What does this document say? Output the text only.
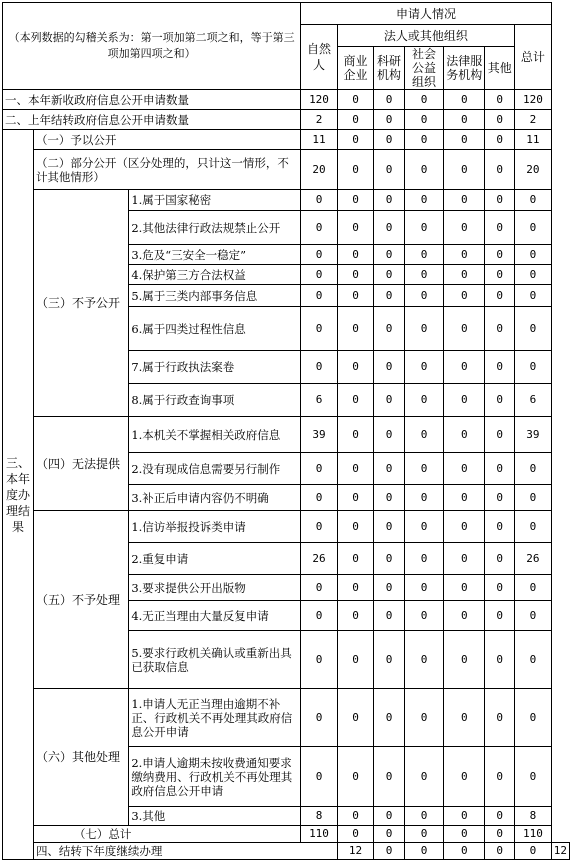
（本列数据的勾稽关系为：第一项加第二项之和，等于第三项加第四项之和）			申请人情况							
			自然人	法人或其他组织					总计	
				商业企业	科研机构	社会公益组织	法律服务机构	其他		
一、本年新收政府信息公开申请数量			120	0	0	0	0	0	120	
二、上年结转政府信息公开申请数量			2	0	0	0	0	0	2	
三、本年度办理结果	（一）予以公开		11	0	0	0	0	0	11	
	（二）部分公开（区分处理的，只计这一情形，不计其他情形）		20	0	0	0	0	0	20	
	（三）不予公开	1.属于国家秘密	0	0	0	0	0	0	0	
		2.其他法律行政法规禁止公开	0	0	0	0	0	0	0	
		3.危及“三安全一稳定”	0	0	0	0	0	0	0	
		4.保护第三方合法权益	0	0	0	0	0	0	0	
		5.属于三类内部事务信息	0	0	0	0	0	0	0	
		6.属于四类过程性信息	0	0	0	0	0	0	0	
		7.属于行政执法案卷	0	0	0	0	0	0	0	
		8.属于行政查询事项	6	0	0	0	0	0	6	
	（四）无法提供	1.本机关不掌握相关政府信息	39	0	0	0	0	0	39	
		2.没有现成信息需要另行制作	0	0	0	0	0	0	0	
		3.补正后申请内容仍不明确	0	0	0	0	0	0	0	
	（五）不予处理	1.信访举报投诉类申请	0	0	0	0	0	0	0	
		2.重复申请	26	0	0	0	0	0	26	
		3.要求提供公开出版物	0	0	0	0	0	0	0	
		4.无正当理由大量反复申请	0	0	0	0	0	0	0	
		5.要求行政机关确认或重新出具已获取信息	0	0	0	0	0	0	0	
	（六）其他处理	1.申请人无正当理由逾期不补正、行政机关不再处理其政府信息公开申请	0	0	0	0	0	0	0	
		2.申请人逾期未按收费通知要求缴纳费用、行政机关不再处理其政府信息公开申请	0	0	0	0	0	0	0	
		3.其他	8	0	0	0	0	0	8	
	（七）总计		110	0	0	0	0	0	110	
	四、结转下年度继续办理			12	0	0	0	0	0	12
